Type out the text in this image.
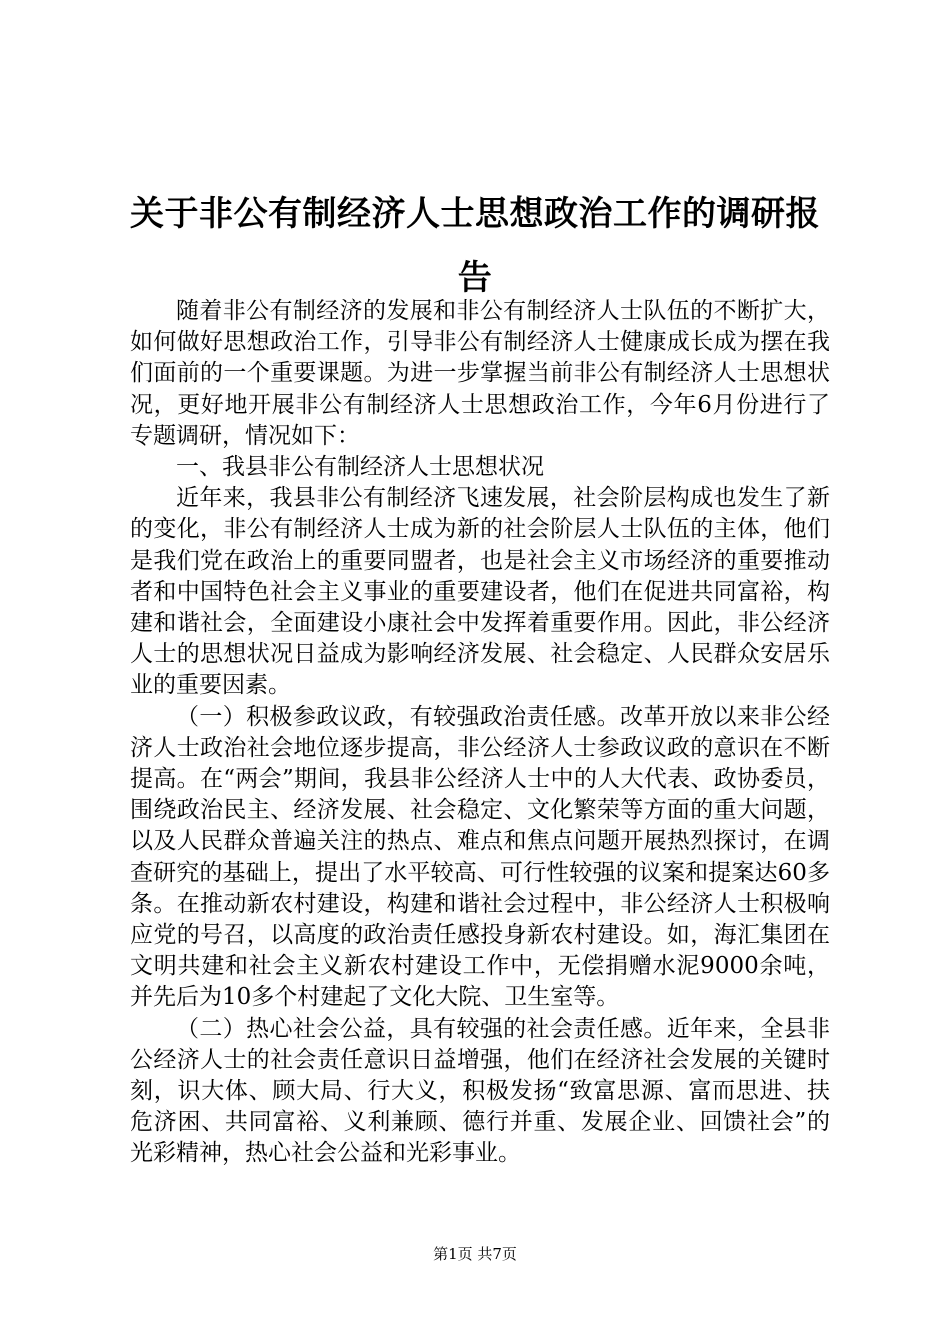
关于非公有制经济人士思想政治工作的调研报告

随着非公有制经济的发展和非公有制经济人士队伍的不断扩大，如何做好思想政治工作，引导非公有制经济人士健康成长成为摆在我们面前的一个重要课题。为进一步掌握当前非公有制经济人士思想状况，更好地开展非公有制经济人士思想政治工作，今年6月份进行了专题调研，情况如下：

一、我县非公有制经济人士思想状况

近年来，我县非公有制经济飞速发展，社会阶层构成也发生了新的变化，非公有制经济人士成为新的社会阶层人士队伍的主体，他们是我们党在政治上的重要同盟者，也是社会主义市场经济的重要推动者和中国特色社会主义事业的重要建设者，他们在促进共同富裕，构建和谐社会，全面建设小康社会中发挥着重要作用。因此，非公经济人士的思想状况日益成为影响经济发展、社会稳定、人民群众安居乐业的重要因素。

（一）积极参政议政，有较强政治责任感。改革开放以来非公经济人士政治社会地位逐步提高，非公经济人士参政议政的意识在不断提高。在“两会”期间，我县非公经济人士中的人大代表、政协委员，围绕政治民主、经济发展、社会稳定、文化繁荣等方面的重大问题，以及人民群众普遍关注的热点、难点和焦点问题开展热烈探讨，在调查研究的基础上，提出了水平较高、可行性较强的议案和提案达60多条。在推动新农村建设，构建和谐社会过程中，非公经济人士积极响应党的号召，以高度的政治责任感投身新农村建设。如，海汇集团在文明共建和社会主义新农村建设工作中，无偿捐赠水泥9000余吨，并先后为10多个村建起了文化大院、卫生室等。

（二）热心社会公益，具有较强的社会责任感。近年来，全县非公经济人士的社会责任意识日益增强，他们在经济社会发展的关键时刻，识大体、顾大局、行大义，积极发扬“致富思源、富而思进、扶危济困、共同富裕、义利兼顾、德行并重、发展企业、回馈社会”的光彩精神，热心社会公益和光彩事业。

第1页 共7页
